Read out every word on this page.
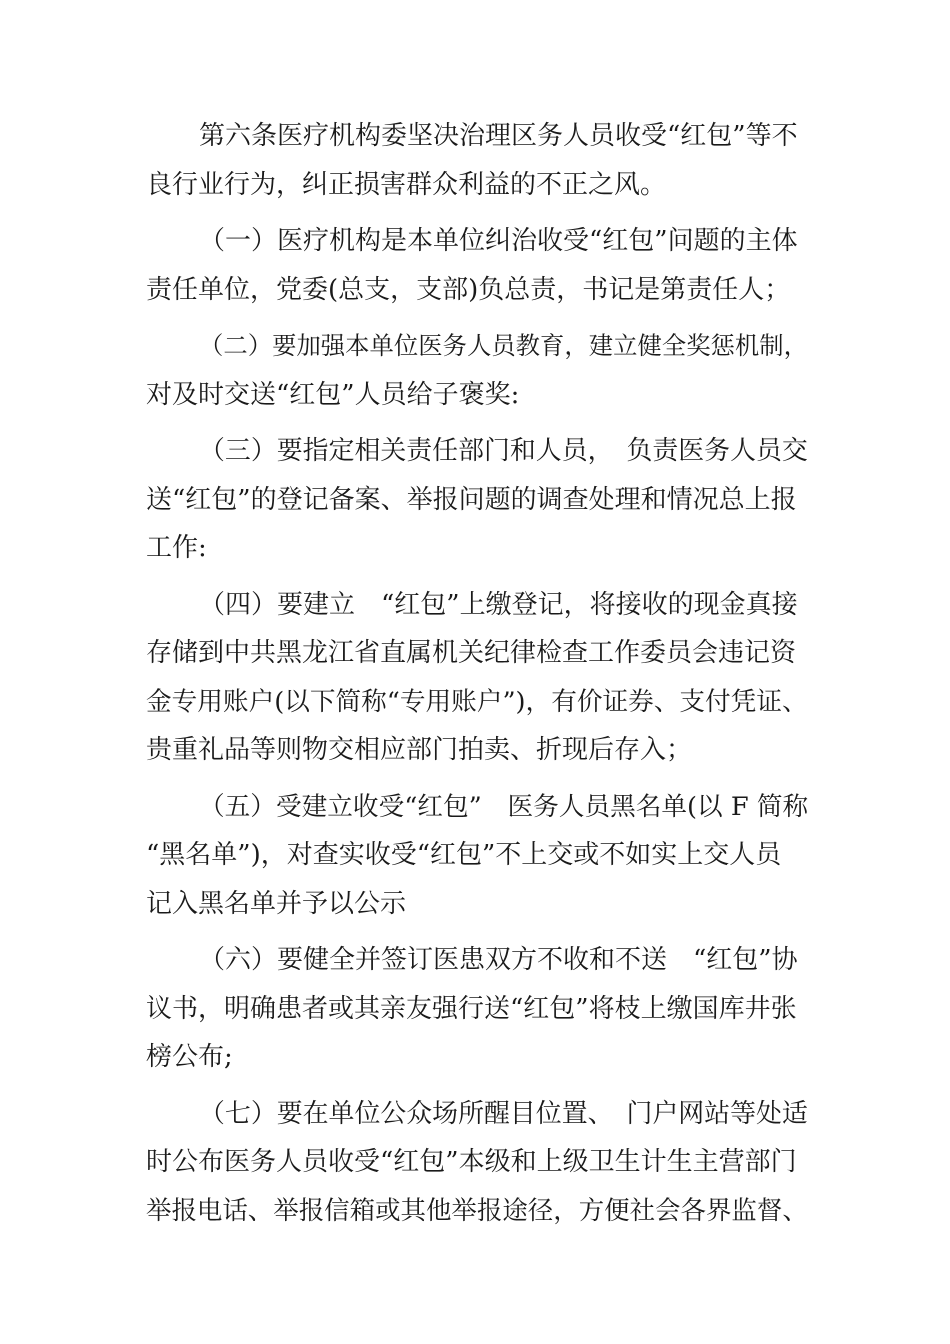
第六条医疗机构委坚决治理区务人员收受“红包”等不
良行业行为，纠正损害群众利益的不正之风。
（一）医疗机构是本单位纠治收受“红包”问题的主体
责任单位，党委(总支，支部)负总责，书记是第责任人；
（二）要加强本单位医务人员教育，建立健全奖惩机制，
对及时交送“红包”人员给子褒奖:
（三）要指定相关责任部门和人员，　负责医务人员交
送“红包”的登记备案、举报问题的调查处理和情况总上报
工作:
（四）要建立　“红包”上缴登记，将接收的现金真接
存储到中共黑龙江省直属机关纪律检查工作委员会违记资
金专用账户(以下简称“专用账户”)，有价证券、支付凭证、
贵重礼品等则物交相应部门拍卖、折现后存入；
（五）受建立收受“红包”　医务人员黑名单(以 F 简称
“黑名单”)，对查实收受“红包”不上交或不如实上交人员
记入黑名单并予以公示
（六）要健全并签订医患双方不收和不送　“红包”协
议书，明确患者或其亲友强行送“红包”将枝上缴国库井张
榜公布;
（七）要在单位公众场所醒目位置、　门户网站等处适
时公布医务人员收受“红包”本级和上级卫生计生主营部门
举报电话、举报信箱或其他举报途径，方便社会各界监督、
